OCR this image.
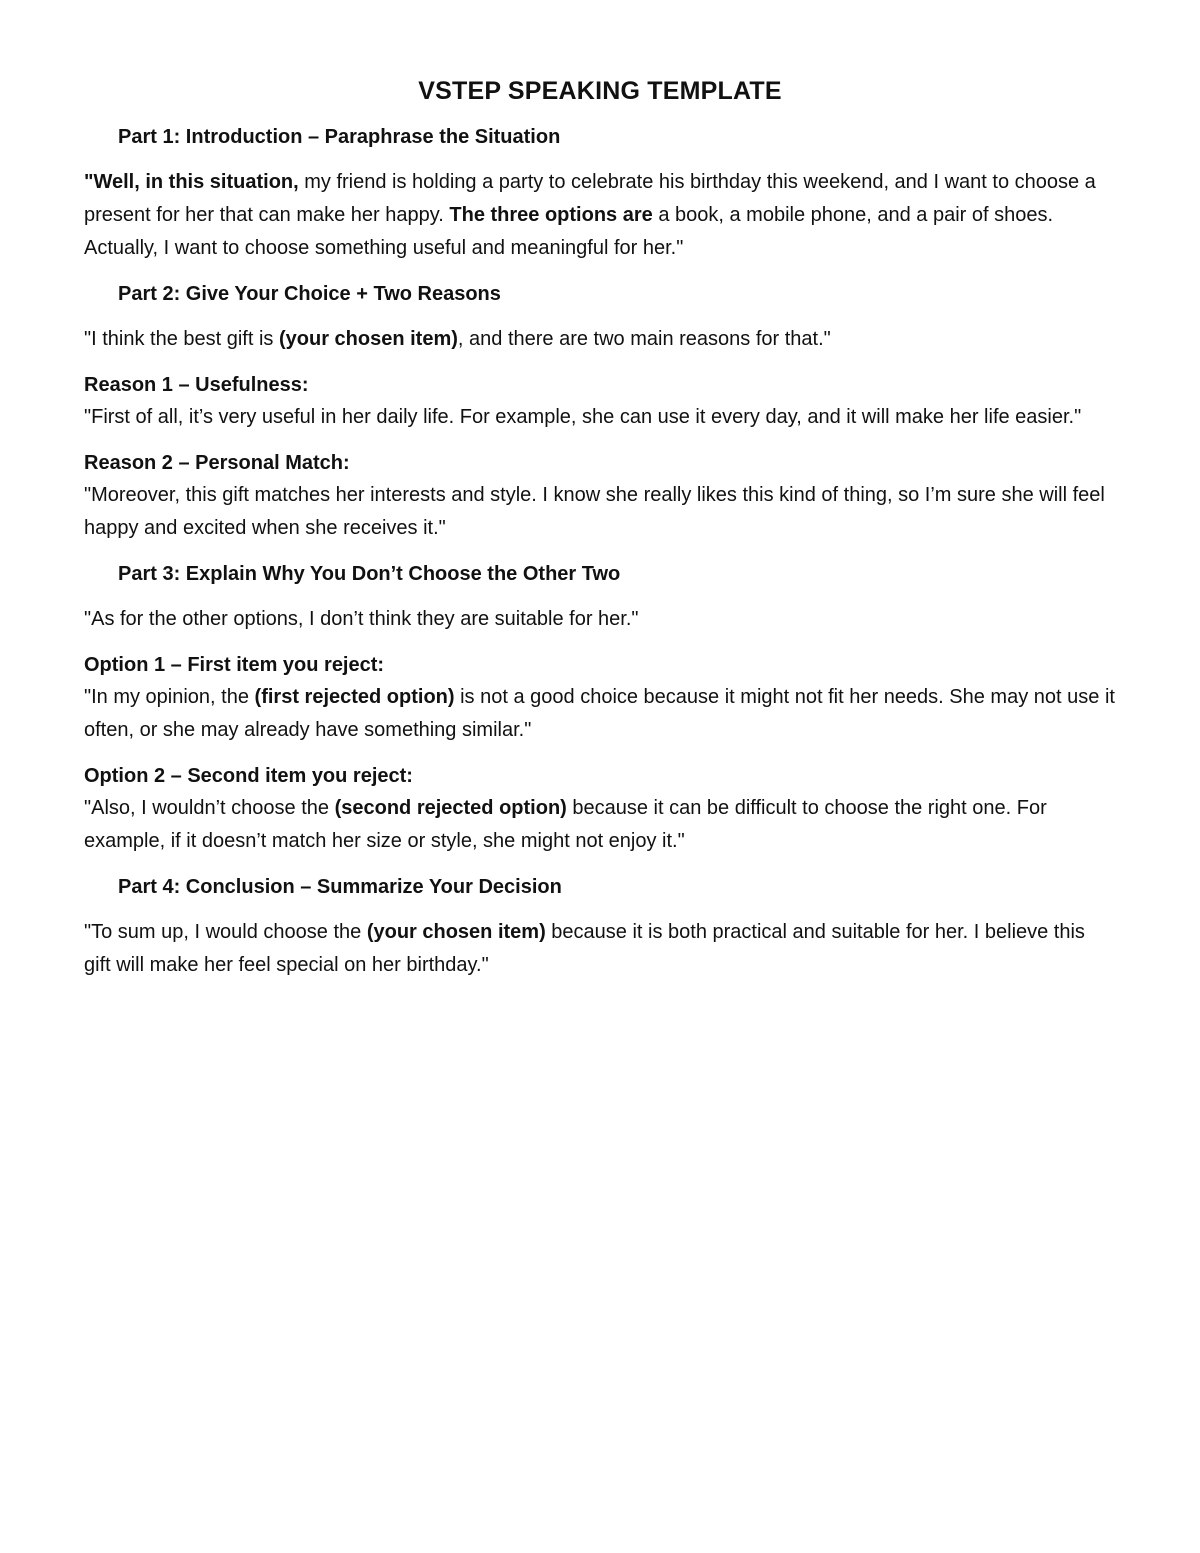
VSTEP SPEAKING TEMPLATE
Part 1: Introduction – Paraphrase the Situation

"Well, in this situation, my friend is holding a party to celebrate his birthday this weekend, and I want to choose a present for her that can make her happy. The three options are a book, a mobile phone, and a pair of shoes. Actually, I want to choose something useful and meaningful for her."

Part 2: Give Your Choice + Two Reasons

"I think the best gift is (your chosen item), and there are two main reasons for that."

Reason 1 – Usefulness:

"First of all, it’s very useful in her daily life. For example, she can use it every day, and it will make her life easier."

Reason 2 – Personal Match:

"Moreover, this gift matches her interests and style. I know she really likes this kind of thing, so I’m sure she will feel happy and excited when she receives it."

Part 3: Explain Why You Don’t Choose the Other Two

"As for the other options, I don’t think they are suitable for her."

Option 1 – First item you reject:

"In my opinion, the (first rejected option) is not a good choice because it might not fit her needs. She may not use it often, or she may already have something similar."

Option 2 – Second item you reject:

"Also, I wouldn’t choose the (second rejected option) because it can be difficult to choose the right one. For example, if it doesn’t match her size or style, she might not enjoy it."

Part 4: Conclusion – Summarize Your Decision

"To sum up, I would choose the (your chosen item) because it is both practical and suitable for her. I believe this gift will make her feel special on her birthday."
